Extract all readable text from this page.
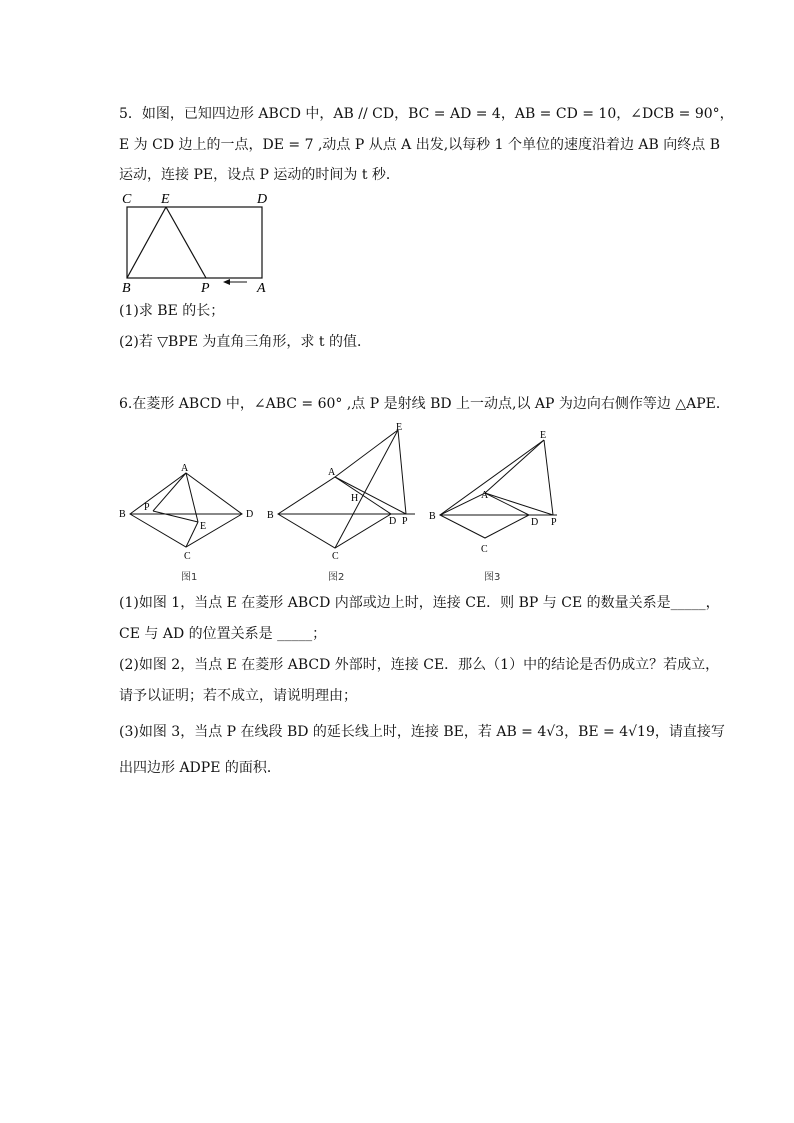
5．如图，已知四边形 ABCD 中，AB // CD，BC = AD = 4，AB = CD = 10，∠DCB = 90°，
E 为 CD 边上的一点，DE = 7 ,动点 P 从点 A 出发,以每秒 1 个单位的速度沿着边 AB 向终点 B
运动，连接 PE，设点 P 运动的时间为 t 秒．
C E	D
B	P	A
(1)求 BE 的长；
(2)若 ▽BPE 为直角三角形，求 t 的值．
6.在菱形 ABCD 中，∠ABC = 60° ,点 P 是射线 BD 上一动点,以 AP 为边向右侧作等边 △APE．
A
B	D
P
E
C
图1
A
B
D P
E
H
C
图2
A
B
D P
E
C
图3
(1)如图 1，当点 E 在菱形 ABCD 内部或边上时，连接 CE．则 BP 与 CE 的数量关系是_____，
CE 与 AD 的位置关系是 _____；
(2)如图 2，当点 E 在菱形 ABCD 外部时，连接 CE．那么（1）中的结论是否仍成立？若成立，
请予以证明；若不成立，请说明理由；
(3)如图 3，当点 P 在线段 BD 的延长线上时，连接 BE，若 AB = 4√3，BE = 4√19，请直接写
出四边形 ADPE 的面积．
